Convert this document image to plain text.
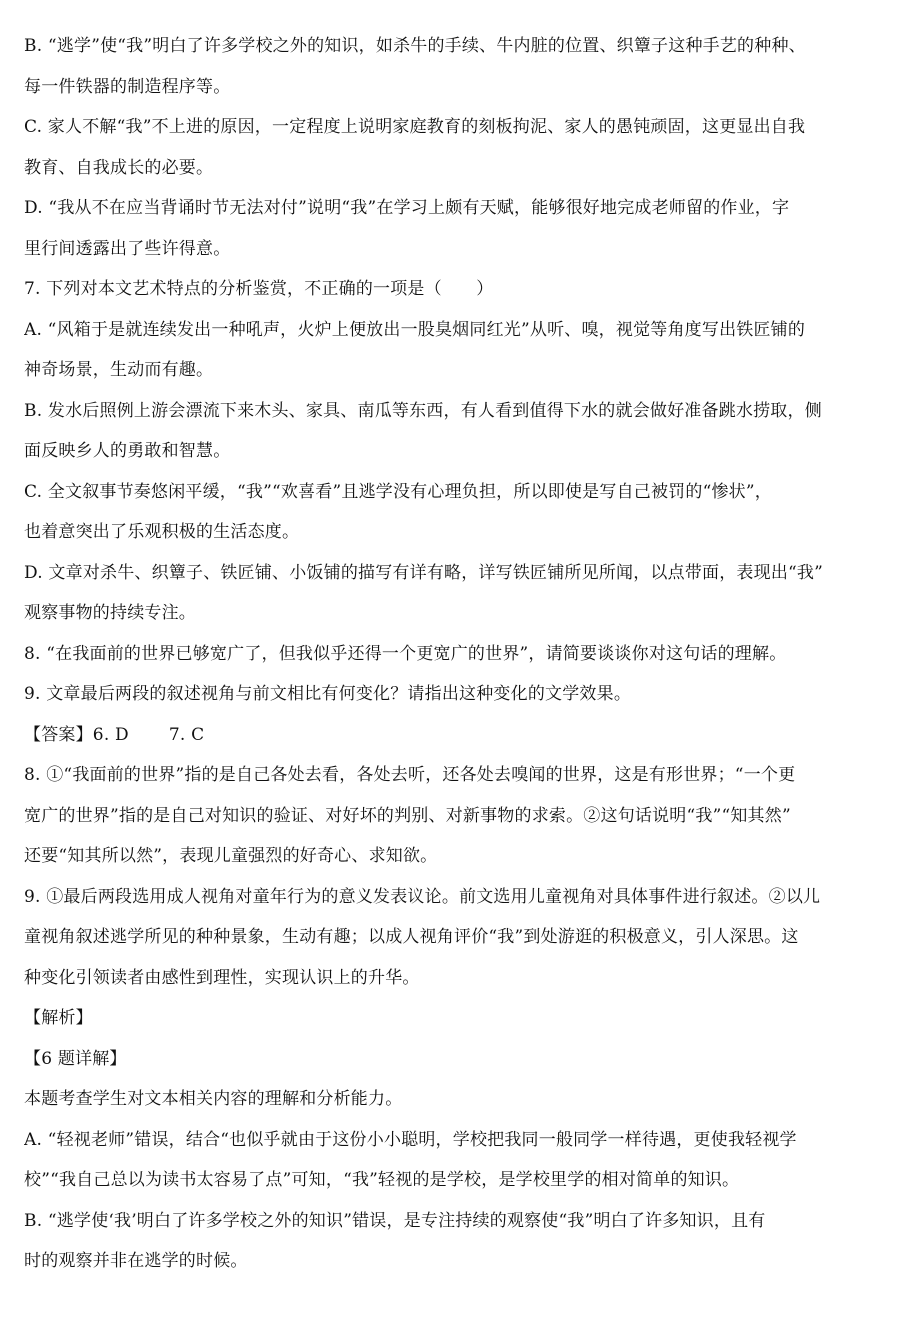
B. “逃学”使“我”明白了许多学校之外的知识，如杀牛的手续、牛内脏的位置、织簟子这种手艺的种种、
每一件铁器的制造程序等。
C. 家人不解“我”不上进的原因，一定程度上说明家庭教育的刻板拘泥、家人的愚钝顽固，这更显出自我
教育、自我成长的必要。
D. “我从不在应当背诵时节无法对付”说明“我”在学习上颇有天赋，能够很好地完成老师留的作业，字
里行间透露出了些许得意。
7. 下列对本文艺术特点的分析鉴赏，不正确的一项是（　　）
A. “风箱于是就连续发出一种吼声，火炉上便放出一股臭烟同红光”从听、嗅，视觉等角度写出铁匠铺的
神奇场景，生动而有趣。
B. 发水后照例上游会漂流下来木头、家具、南瓜等东西，有人看到值得下水的就会做好准备跳水捞取，侧
面反映乡人的勇敢和智慧。
C. 全文叙事节奏悠闲平缓，“我”“欢喜看”且逃学没有心理负担，所以即使是写自己被罚的“惨状”，
也着意突出了乐观积极的生活态度。
D. 文章对杀牛、织簟子、铁匠铺、小饭铺的描写有详有略，详写铁匠铺所见所闻，以点带面，表现出“我”
观察事物的持续专注。
8. “在我面前的世界已够宽广了，但我似乎还得一个更宽广的世界”，请简要谈谈你对这句话的理解。
9. 文章最后两段的叙述视角与前文相比有何变化？请指出这种变化的文学效果。
【答案】6. D 7. C
8. ①“我面前的世界”指的是自己各处去看，各处去听，还各处去嗅闻的世界，这是有形世界；“一个更
宽广的世界”指的是自己对知识的验证、对好坏的判别、对新事物的求索。②这句话说明“我”“知其然”
还要“知其所以然”，表现儿童强烈的好奇心、求知欲。
9. ①最后两段选用成人视角对童年行为的意义发表议论。前文选用儿童视角对具体事件进行叙述。②以儿
童视角叙述逃学所见的种种景象，生动有趣；以成人视角评价“我”到处游逛的积极意义，引人深思。这
种变化引领读者由感性到理性，实现认识上的升华。
【解析】
【6 题详解】
本题考查学生对文本相关内容的理解和分析能力。
A. “轻视老师”错误，结合“也似乎就由于这份小小聪明，学校把我同一般同学一样待遇，更使我轻视学
校”“我自己总以为读书太容易了点”可知，“我”轻视的是学校，是学校里学的相对简单的知识。
B. “逃学使‘我’明白了许多学校之外的知识”错误，是专注持续的观察使“我”明白了许多知识，且有
时的观察并非在逃学的时候。
